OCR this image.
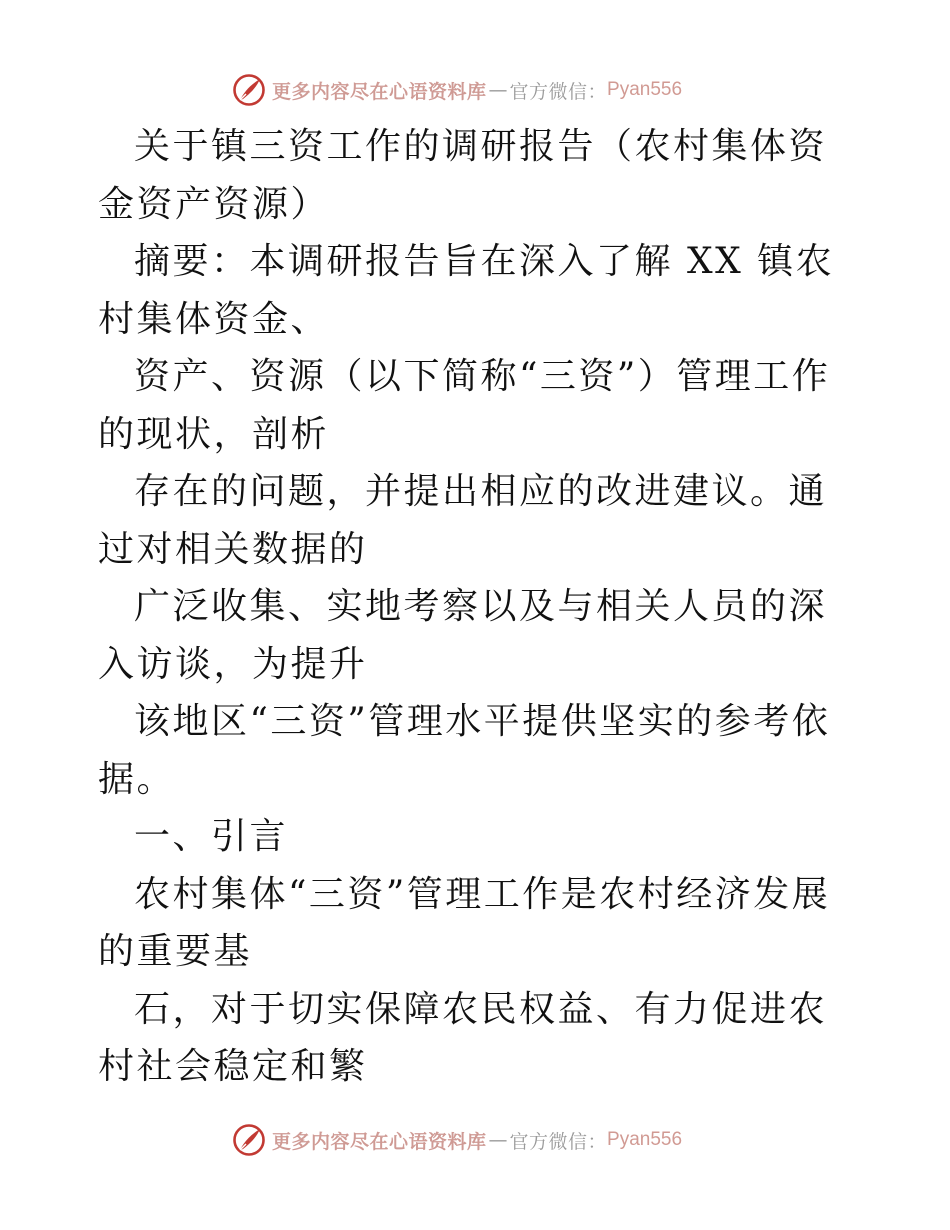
更多内容尽在心语资料库 — 官方微信： Pyan556

关于镇三资工作的调研报告（农村集体资金资产资源）

摘要：本调研报告旨在深入了解 XX 镇农村集体资金、

资产、资源（以下简称“三资”）管理工作的现状，剖析

存在的问题，并提出相应的改进建议。通过对相关数据的

广泛收集、实地考察以及与相关人员的深入访谈，为提升

该地区“三资”管理水平提供坚实的参考依据。

一、引言

农村集体“三资”管理工作是农村经济发展的重要基

石，对于切实保障农民权益、有力促进农村社会稳定和繁

更多内容尽在心语资料库 — 官方微信： Pyan556
